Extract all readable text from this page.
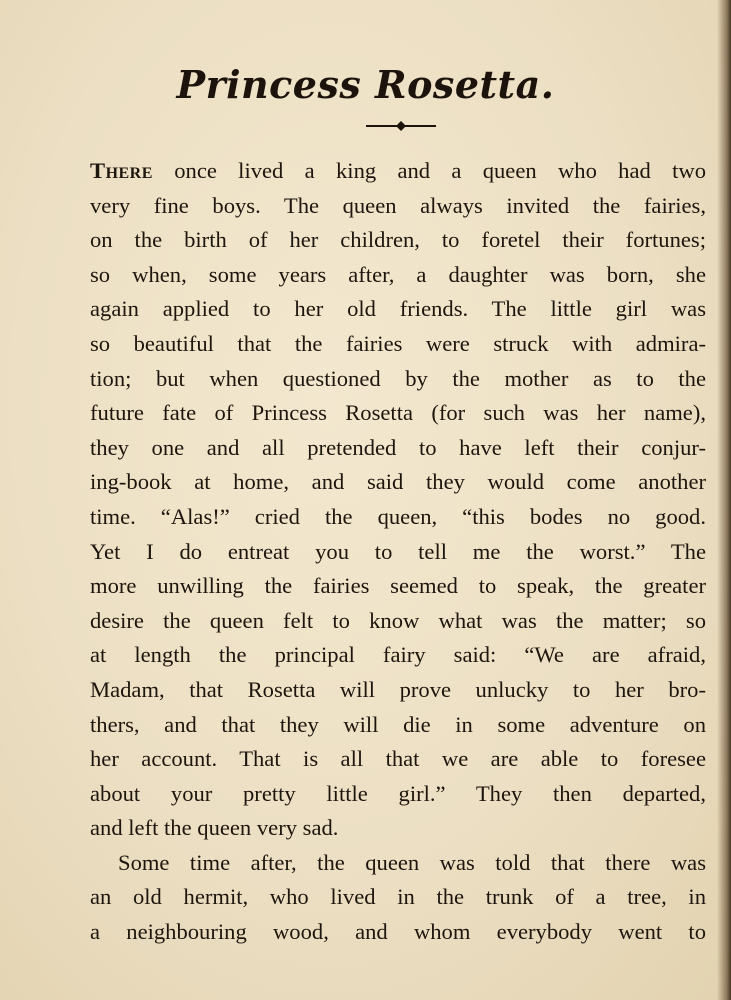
Princess Rosetta.
There once lived a king and a queen who had two
very fine boys. The queen always invited the fairies,
on the birth of her children, to foretel their fortunes;
so when, some years after, a daughter was born, she
again applied to her old friends. The little girl was
so beautiful that the fairies were struck with admira-
tion; but when questioned by the mother as to the
future fate of Princess Rosetta (for such was her name),
they one and all pretended to have left their conjur-
ing-book at home, and said they would come another
time. “Alas!” cried the queen, “this bodes no good.
Yet I do entreat you to tell me the worst.” The
more unwilling the fairies seemed to speak, the greater
desire the queen felt to know what was the matter; so
at length the principal fairy said: “We are afraid,
Madam, that Rosetta will prove unlucky to her bro-
thers, and that they will die in some adventure on
her account. That is all that we are able to foresee
about your pretty little girl.” They then departed,
and left the queen very sad.
Some time after, the queen was told that there was
an old hermit, who lived in the trunk of a tree, in
a neighbouring wood, and whom everybody went to
